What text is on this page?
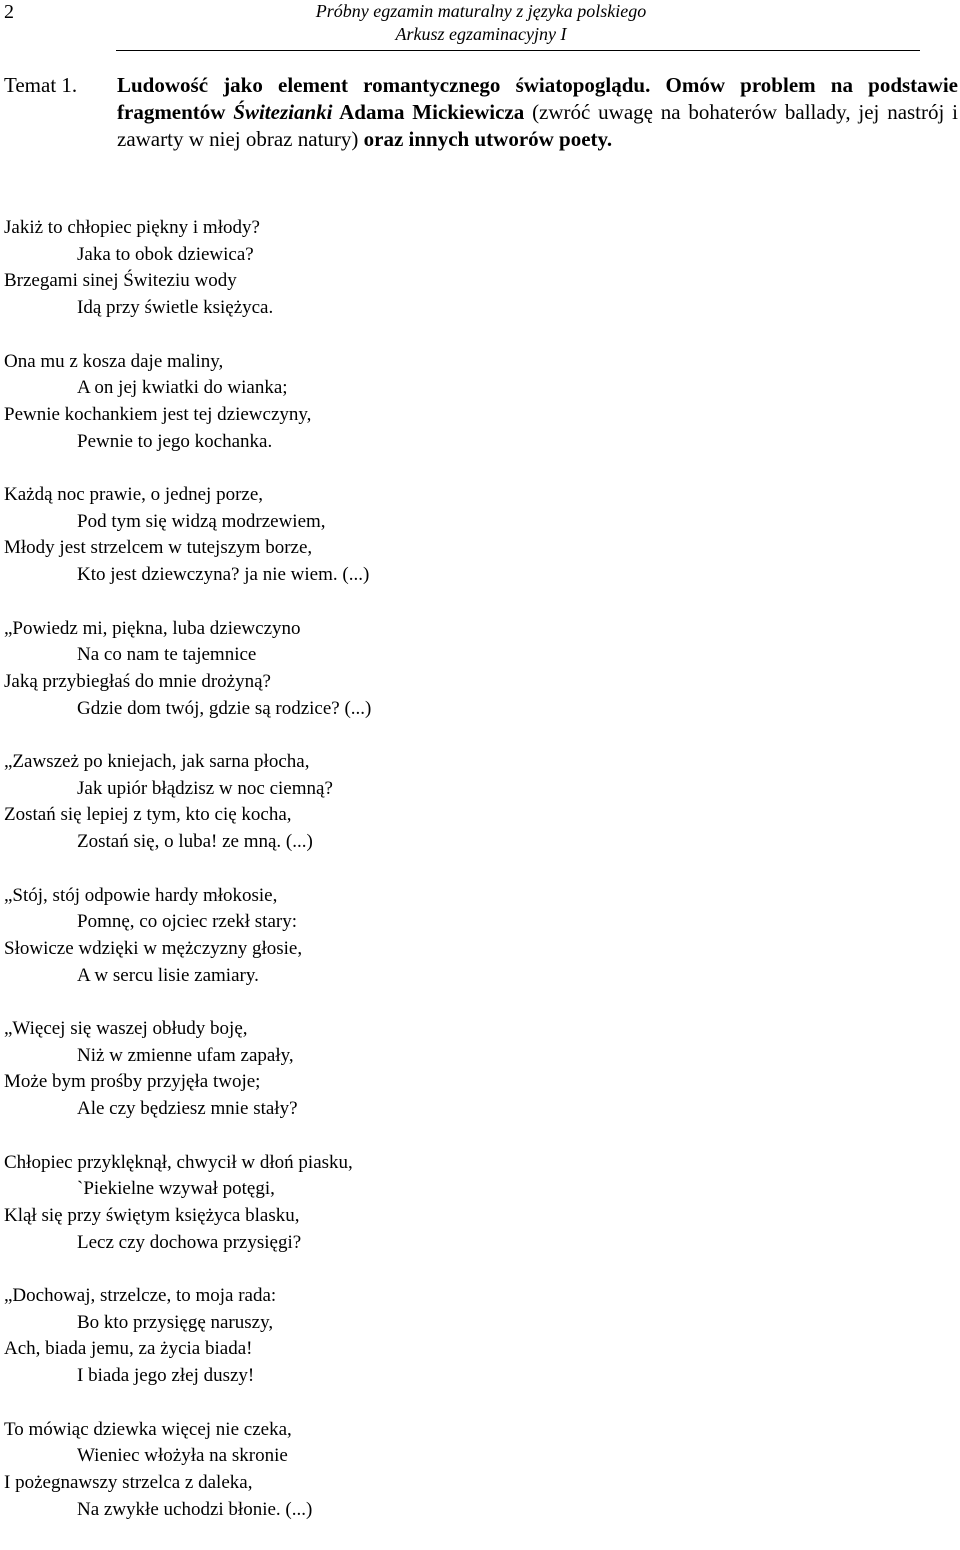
2	Próbny egzamin maturalny z języka polskiego
Arkusz egzaminacyjny I
Temat 1. Ludowość jako element romantycznego światopoglądu. Omów problem na podstawie fragmentów Świtezianki Adama Mickiewicza (zwróć uwagę na bohaterów ballady, jej nastrój i zawarty w niej obraz natury) oraz innych utworów poety.
Jakiż to chłopiec piękny i młody?
Jaka to obok dziewica?
Brzegami sinej Świteziu wody
Idą przy świetle księżyca.
Ona mu z kosza daje maliny,
A on jej kwiatki do wianka;
Pewnie kochankiem jest tej dziewczyny,
Pewnie to jego kochanka.
Każdą noc prawie, o jednej porze,
Pod tym się widzą modrzewiem,
Młody jest strzelcem w tutejszym borze,
Kto jest dziewczyna? ja nie wiem. (...)
„Powiedz mi, piękna, luba dziewczyno
Na co nam te tajemnice
Jaką przybiegłaś do mnie drożyną?
Gdzie dom twój, gdzie są rodzice? (...)
„Zawszeż po kniejach, jak sarna płocha,
Jak upiór błądzisz w noc ciemną?
Zostań się lepiej z tym, kto cię kocha,
Zostań się, o luba! ze mną. (...)
„Stój, stój odpowie hardy młokosie,
Pomnę, co ojciec rzekł stary:
Słowicze wdzięki w mężczyzny głosie,
A w sercu lisie zamiary.
„Więcej się waszej obłudy boję,
Niż w zmienne ufam zapały,
Może bym prośby przyjęła twoje;
Ale czy będziesz mnie stały?
Chłopiec przyklęknął, chwycił w dłoń piasku,
`Piekielne wzywał potęgi,
Klął się przy świętym księżyca blasku,
Lecz czy dochowa przysięgi?
„Dochowaj, strzelcze, to moja rada:
Bo kto przysięgę naruszy,
Ach, biada jemu, za życia biada!
I biada jego złej duszy!
To mówiąc dziewka więcej nie czeka,
Wieniec włożyła na skronie
I pożegnawszy strzelca z daleka,
Na zwykłe uchodzi błonie. (...)
